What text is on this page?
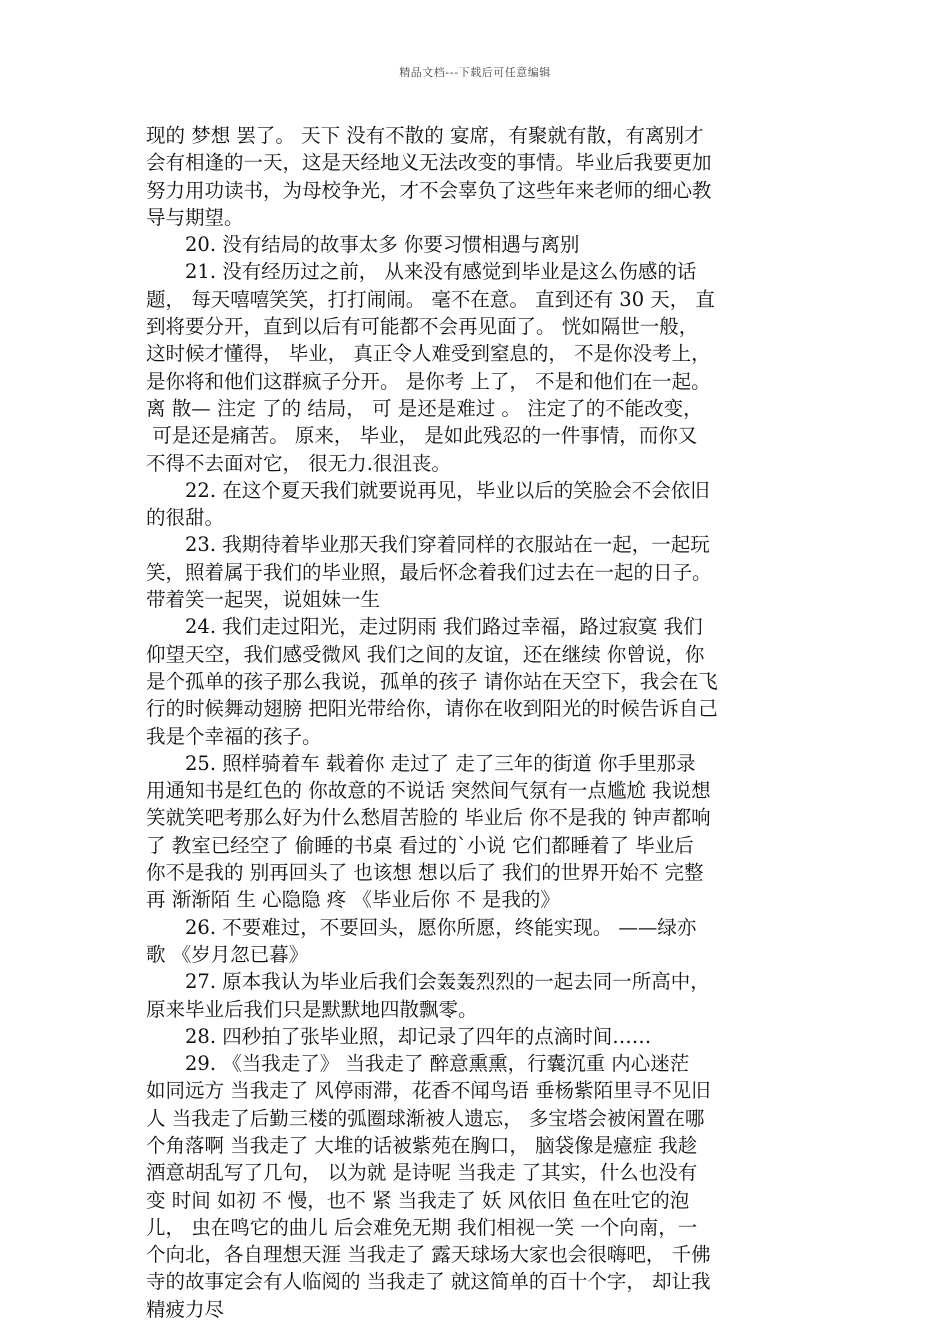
精品文档---下载后可任意编辑
现的 梦想 罢了。 天下 没有不散的 宴席，有聚就有散，有离别才
会有相逢的一天，这是天经地义无法改变的事情。毕业后我要更加
努力用功读书，为母校争光，才不会辜负了这些年来老师的细心教
导与期望。
　　20. 没有结局的故事太多 你要习惯相遇与离别
　　21. 没有经历过之前， 从来没有感觉到毕业是这么伤感的话
题， 每天嘻嘻笑笑，打打闹闹。 毫不在意。 直到还有 30 天， 直
到将要分开，直到以后有可能都不会再见面了。 恍如隔世一般，
这时候才懂得， 毕业， 真正令人难受到窒息的， 不是你没考上，
是你将和他们这群疯子分开。 是你考 上了， 不是和他们在一起。
离 散— 注定 了的 结局， 可 是还是难过 。 注定了的不能改变，
可是还是痛苦。 原来， 毕业， 是如此残忍的一件事情，而你又
不得不去面对它， 很无力.很沮丧。
　　22. 在这个夏天我们就要说再见，毕业以后的笑脸会不会依旧
的很甜。
　　23. 我期待着毕业那天我们穿着同样的衣服站在一起，一起玩
笑，照着属于我们的毕业照，最后怀念着我们过去在一起的日子。
带着笑一起哭，说姐妹一生
　　24. 我们走过阳光，走过阴雨 我们路过幸福，路过寂寞 我们
仰望天空，我们感受微风 我们之间的友谊，还在继续 你曾说，你
是个孤单的孩子那么我说，孤单的孩子 请你站在天空下，我会在飞
行的时候舞动翅膀 把阳光带给你，请你在收到阳光的时候告诉自己
我是个幸福的孩子。
　　25. 照样骑着车 载着你 走过了 走了三年的街道 你手里那录
用通知书是红色的 你故意的不说话 突然间气氛有一点尴尬 我说想
笑就笑吧考那么好为什么愁眉苦脸的 毕业后 你不是我的 钟声都响
了 教室已经空了 偷睡的书桌 看过的`小说 它们都睡着了 毕业后
你不是我的 别再回头了 也该想 想以后了 我们的世界开始不 完整
再 渐渐陌 生 心隐隐 疼 《毕业后你 不 是我的》
　　26. 不要难过，不要回头，愿你所愿，终能实现。 ——绿亦
歌 《岁月忽已暮》
　　27. 原本我认为毕业后我们会轰轰烈烈的一起去同一所高中，
原来毕业后我们只是默默地四散飘零。
　　28. 四秒拍了张毕业照，却记录了四年的点滴时间……
　　29. 《当我走了》 当我走了 醉意熏熏，行囊沉重 内心迷茫
如同远方 当我走了 风停雨滞，花香不闻鸟语 垂杨紫陌里寻不见旧
人 当我走了后勤三楼的弧圈球渐被人遗忘， 多宝塔会被闲置在哪
个角落啊 当我走了 大堆的话被紫苑在胸口， 脑袋像是癔症 我趁
酒意胡乱写了几句， 以为就 是诗呢 当我走 了其实，什么也没有
变 时间 如初 不 慢，也不 紧 当我走了 妖 风依旧 鱼在吐它的泡
儿， 虫在鸣它的曲儿 后会难免无期 我们相视一笑 一个向南，一
个向北，各自理想天涯 当我走了 露天球场大家也会很嗨吧， 千佛
寺的故事定会有人临阅的 当我走了 就这简单的百十个字， 却让我
精疲力尽
